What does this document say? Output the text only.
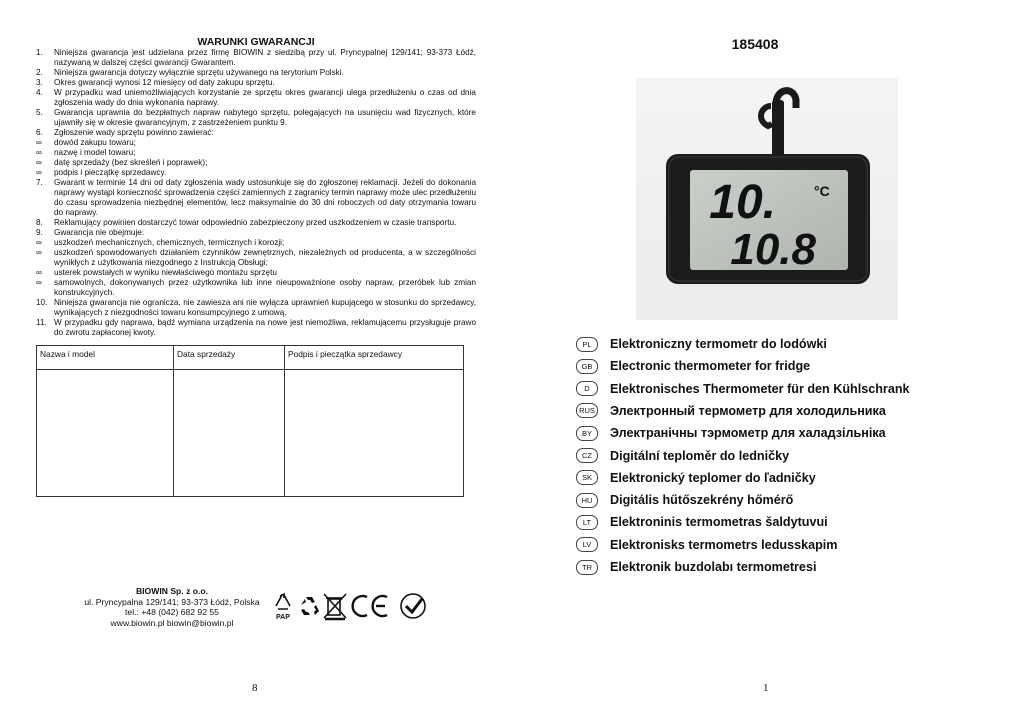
WARUNKI GWARANCJI
1.	Niniejsza gwarancja jest udzielana przez firmę BIOWIN z siedzibą przy ul. Pryncypalnej 129/141; 93-373 Łódź, nazywaną w dalszej części gwarancji Gwarantem.
2.	Niniejsza gwarancja dotyczy wyłącznie sprzętu używanego na terytorium Polski.
3.	Okres gwarancji wynosi 12 miesięcy od daty zakupu sprzętu.
4.	W przypadku wad uniemożliwiających korzystanie ze sprzętu okres gwarancji ulega przedłużeniu o czas od dnia zgłoszenia wady do dnia wykonania naprawy.
5.	Gwarancja uprawnia do bezpłatnych napraw nabytego sprzętu, polegających na usunięciu wad fizycznych, które ujawniły się w okresie gwarancyjnym, z zastrzeżeniem punktu 9.
6.	Zgłoszenie wady sprzętu powinno zawierać:
∞	dowód zakupu towaru;
∞	nazwę i model towaru;
∞	datę sprzedaży (bez skreśleń i poprawek);
∞	podpis i pieczątkę sprzedawcy.
7.	Gwarant w terminie 14 dni od daty zgłoszenia wady ustosunkuje się do zgłoszonej reklamacji. Jeżeli do dokonania naprawy wystąpi konieczność sprowadzenia części zamiennych z zagranicy termin naprawy może ulec przedłużeniu do czasu sprowadzenia niezbędnej elementów, lecz maksymalnie do 30 dni roboczych od daty otrzymania towaru do naprawy.
8.	Reklamujący powinien dostarczyć towar odpowiednio zabezpieczony przed uszkodzeniem w czasie transportu.
9.	Gwarancja nie obejmuje:
∞	uszkodzeń mechanicznych, chemicznych, termicznych i korozji;
∞	uszkodzeń spowodowanych działaniem czynników zewnętrznych, niezależnych od producenta, a w szczególności wynikłych z użytkowania niezgodnego z Instrukcją Obsługi;
∞	usterek powstałych w wyniku niewłaściwego montażu sprzętu
∞	samowolnych, dokonywanych przez użytkownika lub inne nieupoważnione osoby napraw, przeróbek lub zmian konstrukcyjnych.
10. Niniejsza gwarancja nie ogranicza, nie zawiesza ani nie wyłącza uprawnień kupującego w stosunku do sprzedawcy, wynikających z niezgodności towaru konsumpcyjnego z umową.
11. W przypadku gdy naprawa, bądź wymiana urządzenia na nowe jest niemożliwa, reklamującemu przysługuje prawo do zwrotu zapłaconej kwoty.
Nazwa i model	Data sprzedaży	Podpis i pieczątka sprzedawcy

BIOWIN Sp. z o.o.
ul. Pryncypalna 129/141; 93-373 Łódź, Polska
tel.: +48 (042) 682 92 55
www.biowin.pl biowin@biowin.pl	PAP
8
185408
10.
10.8
°C
PL	Elektroniczny termometr do lodówki
GB	Electronic thermometer for fridge
D	Elektronisches Thermometer für den Kühlschrank
RUS Электронный термометр для холодильника
BY	Электранічны тэрмометр для халадзільніка
CZ	Digitální teploměr do ledničky
SK	Elektronický teplomer do ľadničky
HU	Digitális hűtőszekrény hőmérő
LT	Elektroninis termometras šaldytuvui
LV	Elektronisks termometrs ledusskapim
TR	Elektronik buzdolabı termometresi
1
